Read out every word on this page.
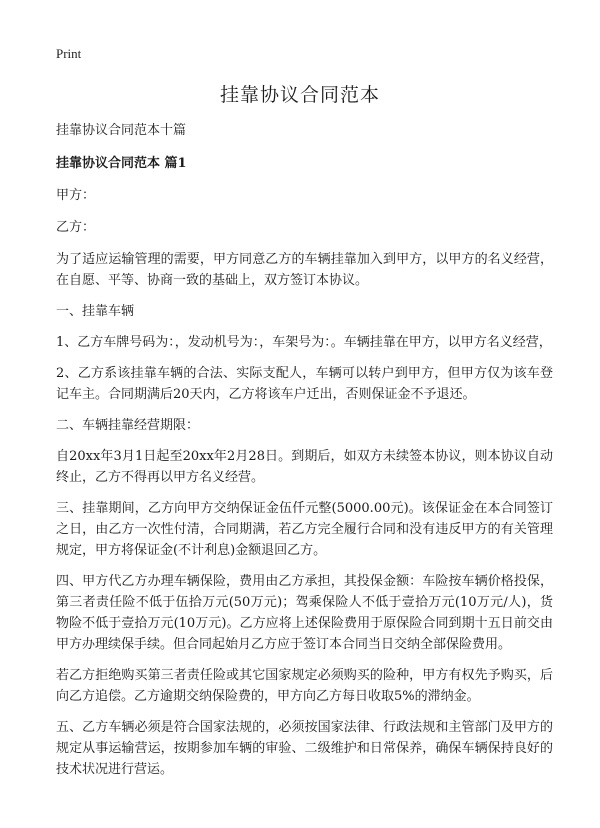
Print
挂靠协议合同范本

挂靠协议合同范本十篇

挂靠协议合同范本 篇1

甲方：

乙方：

为了适应运输管理的需要，甲方同意乙方的车辆挂靠加入到甲方，以甲方的名义经营，在自愿、平等、协商一致的基础上，双方签订本协议。

一、挂靠车辆

1、乙方车牌号码为：，发动机号为：，车架号为：。车辆挂靠在甲方，以甲方名义经营，

2、乙方系该挂靠车辆的合法、实际支配人，车辆可以转户到甲方，但甲方仅为该车登记车主。合同期满后20天内，乙方将该车户迁出，否则保证金不予退还。

二、车辆挂靠经营期限：

自20xx年3月1日起至20xx年2月28日。到期后，如双方未续签本协议，则本协议自动终止，乙方不得再以甲方名义经营。

三、挂靠期间，乙方向甲方交纳保证金伍仟元整(5000.00元)。该保证金在本合同签订之日，由乙方一次性付清，合同期满，若乙方完全履行合同和没有违反甲方的有关管理规定，甲方将保证金(不计利息)金额退回乙方。

四、甲方代乙方办理车辆保险，费用由乙方承担，其投保金额：车险按车辆价格投保，第三者责任险不低于伍拾万元(50万元)；驾乘保险人不低于壹拾万元(10万元/人)，货物险不低于壹拾万元(10万元)。乙方应将上述保险费用于原保险合同到期十五日前交由甲方办理续保手续。但合同起始月乙方应于签订本合同当日交纳全部保险费用。

若乙方拒绝购买第三者责任险或其它国家规定必须购买的险种，甲方有权先予购买，后向乙方追偿。乙方逾期交纳保险费的，甲方向乙方每日收取5%的滞纳金。

五、乙方车辆必须是符合国家法规的，必须按国家法律、行政法规和主管部门及甲方的规定从事运输营运，按期参加车辆的审验、二级维护和日常保养，确保车辆保持良好的技术状况进行营运。
